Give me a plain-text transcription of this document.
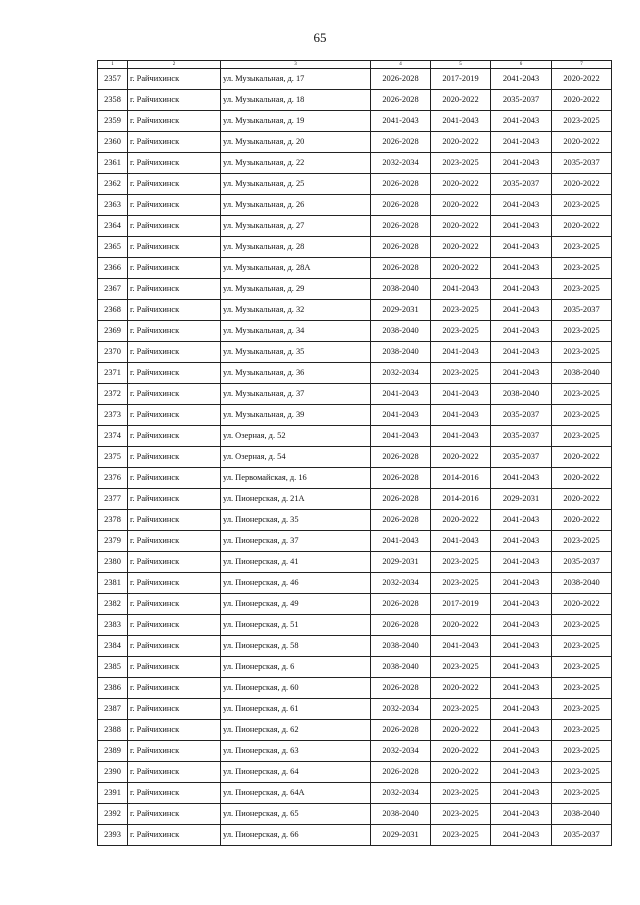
65
1	2	3	4	5	6	7
2357	г. Райчихинск	ул. Музыкальная, д. 17	2026-2028	2017-2019	2041-2043	2020-2022
2358	г. Райчихинск	ул. Музыкальная, д. 18	2026-2028	2020-2022	2035-2037	2020-2022
2359	г. Райчихинск	ул. Музыкальная, д. 19	2041-2043	2041-2043	2041-2043	2023-2025
2360	г. Райчихинск	ул. Музыкальная, д. 20	2026-2028	2020-2022	2041-2043	2020-2022
2361	г. Райчихинск	ул. Музыкальная, д. 22	2032-2034	2023-2025	2041-2043	2035-2037
2362	г. Райчихинск	ул. Музыкальная, д. 25	2026-2028	2020-2022	2035-2037	2020-2022
2363	г. Райчихинск	ул. Музыкальная, д. 26	2026-2028	2020-2022	2041-2043	2023-2025
2364	г. Райчихинск	ул. Музыкальная, д. 27	2026-2028	2020-2022	2041-2043	2020-2022
2365	г. Райчихинск	ул. Музыкальная, д. 28	2026-2028	2020-2022	2041-2043	2023-2025
2366	г. Райчихинск	ул. Музыкальная, д. 28А	2026-2028	2020-2022	2041-2043	2023-2025
2367	г. Райчихинск	ул. Музыкальная, д. 29	2038-2040	2041-2043	2041-2043	2023-2025
2368	г. Райчихинск	ул. Музыкальная, д. 32	2029-2031	2023-2025	2041-2043	2035-2037
2369	г. Райчихинск	ул. Музыкальная, д. 34	2038-2040	2023-2025	2041-2043	2023-2025
2370	г. Райчихинск	ул. Музыкальная, д. 35	2038-2040	2041-2043	2041-2043	2023-2025
2371	г. Райчихинск	ул. Музыкальная, д. 36	2032-2034	2023-2025	2041-2043	2038-2040
2372	г. Райчихинск	ул. Музыкальная, д. 37	2041-2043	2041-2043	2038-2040	2023-2025
2373	г. Райчихинск	ул. Музыкальная, д. 39	2041-2043	2041-2043	2035-2037	2023-2025
2374	г. Райчихинск	ул. Озерная, д. 52	2041-2043	2041-2043	2035-2037	2023-2025
2375	г. Райчихинск	ул. Озерная, д. 54	2026-2028	2020-2022	2035-2037	2020-2022
2376	г. Райчихинск	ул. Первомайская, д. 16	2026-2028	2014-2016	2041-2043	2020-2022
2377	г. Райчихинск	ул. Пионерская, д. 21А	2026-2028	2014-2016	2029-2031	2020-2022
2378	г. Райчихинск	ул. Пионерская, д. 35	2026-2028	2020-2022	2041-2043	2020-2022
2379	г. Райчихинск	ул. Пионерская, д. 37	2041-2043	2041-2043	2041-2043	2023-2025
2380	г. Райчихинск	ул. Пионерская, д. 41	2029-2031	2023-2025	2041-2043	2035-2037
2381	г. Райчихинск	ул. Пионерская, д. 46	2032-2034	2023-2025	2041-2043	2038-2040
2382	г. Райчихинск	ул. Пионерская, д. 49	2026-2028	2017-2019	2041-2043	2020-2022
2383	г. Райчихинск	ул. Пионерская, д. 51	2026-2028	2020-2022	2041-2043	2023-2025
2384	г. Райчихинск	ул. Пионерская, д. 58	2038-2040	2041-2043	2041-2043	2023-2025
2385	г. Райчихинск	ул. Пионерская, д. 6	2038-2040	2023-2025	2041-2043	2023-2025
2386	г. Райчихинск	ул. Пионерская, д. 60	2026-2028	2020-2022	2041-2043	2023-2025
2387	г. Райчихинск	ул. Пионерская, д. 61	2032-2034	2023-2025	2041-2043	2023-2025
2388	г. Райчихинск	ул. Пионерская, д. 62	2026-2028	2020-2022	2041-2043	2023-2025
2389	г. Райчихинск	ул. Пионерская, д. 63	2032-2034	2020-2022	2041-2043	2023-2025
2390	г. Райчихинск	ул. Пионерская, д. 64	2026-2028	2020-2022	2041-2043	2023-2025
2391	г. Райчихинск	ул. Пионерская, д. 64А	2032-2034	2023-2025	2041-2043	2023-2025
2392	г. Райчихинск	ул. Пионерская, д. 65	2038-2040	2023-2025	2041-2043	2038-2040
2393	г. Райчихинск	ул. Пионерская, д. 66	2029-2031	2023-2025	2041-2043	2035-2037
